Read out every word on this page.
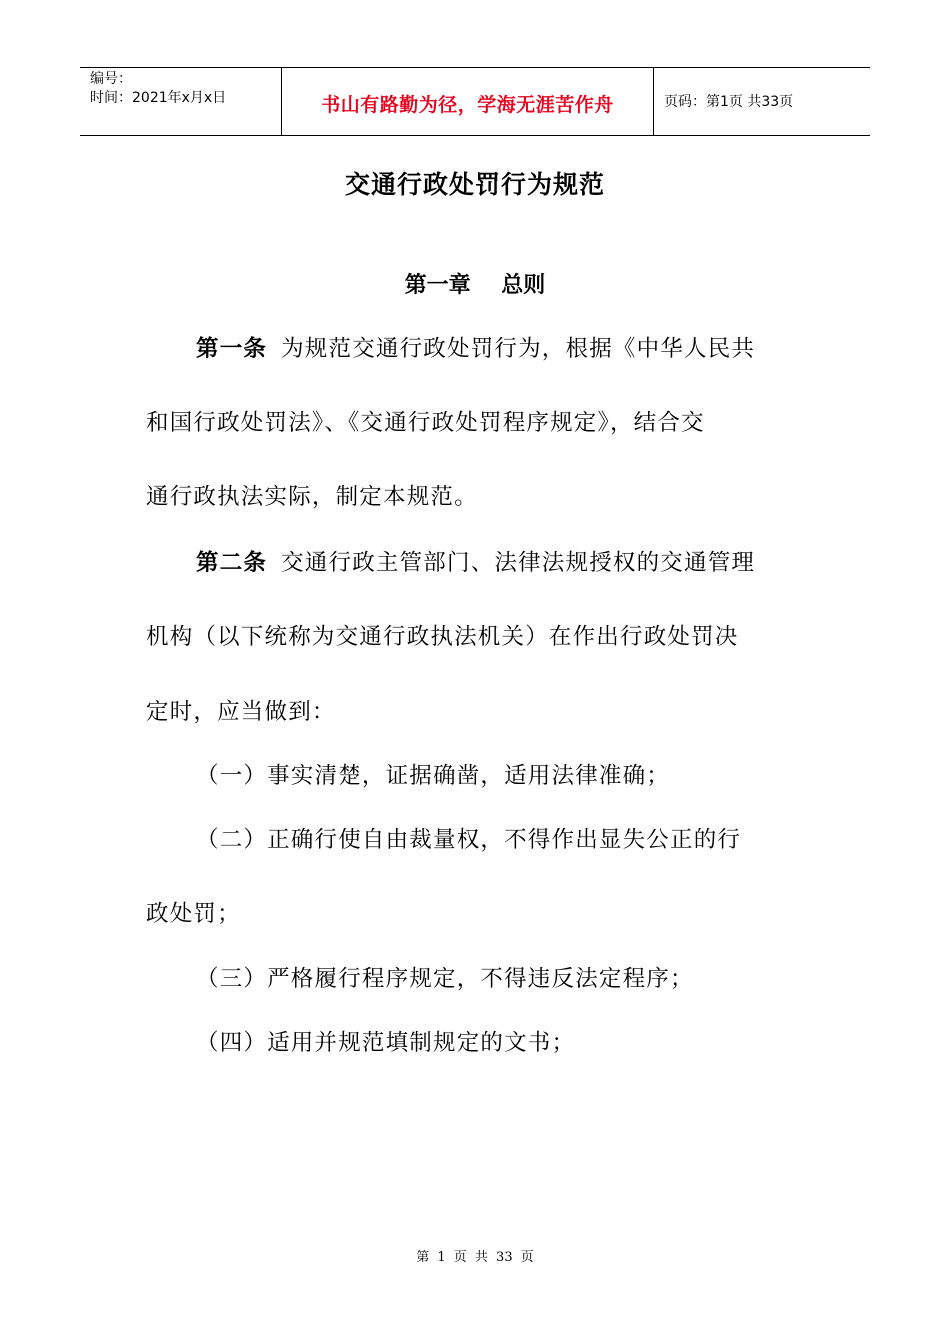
编号：
时间：2021年x月x日	书山有路勤为径，学海无涯苦作舟	页码：第1页 共33页
交通行政处罚行为规范
第一章    总则
第一条 为规范交通行政处罚行为，根据《中华人民共
和国行政处罚法》、《交通行政处罚程序规定》，结合交
通行政执法实际，制定本规范。
第二条 交通行政主管部门、法律法规授权的交通管理
机构（以下统称为交通行政执法机关）在作出行政处罚决
定时，应当做到：
（一）事实清楚，证据确凿，适用法律准确；
（二）正确行使自由裁量权，不得作出显失公正的行
政处罚；
（三）严格履行程序规定，不得违反法定程序；
（四）适用并规范填制规定的文书；
第 1 页 共 33 页
